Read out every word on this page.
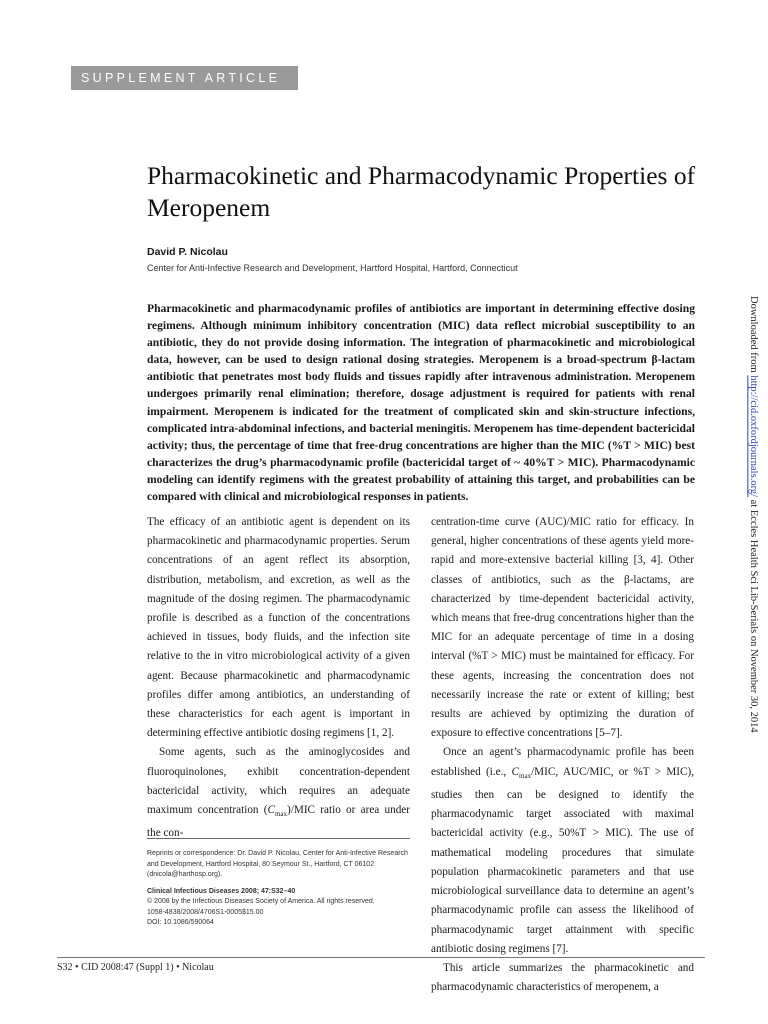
SUPPLEMENT ARTICLE
Pharmacokinetic and Pharmacodynamic Properties of Meropenem
David P. Nicolau
Center for Anti-Infective Research and Development, Hartford Hospital, Hartford, Connecticut

Pharmacokinetic and pharmacodynamic profiles of antibiotics are important in determining effective dosing regimens. Although minimum inhibitory concentration (MIC) data reflect microbial susceptibility to an antibiotic, they do not provide dosing information. The integration of pharmacokinetic and microbiological data, however, can be used to design rational dosing strategies. Meropenem is a broad-spectrum β-lactam antibiotic that penetrates most body fluids and tissues rapidly after intravenous administration. Meropenem undergoes primarily renal elimination; therefore, dosage adjustment is required for patients with renal impairment. Meropenem is indicated for the treatment of complicated skin and skin-structure infections, complicated intra-abdominal infections, and bacterial meningitis. Meropenem has time-dependent bactericidal activity; thus, the percentage of time that free-drug concentrations are higher than the MIC (%T > MIC) best characterizes the drug’s pharmacodynamic profile (bactericidal target of ~ 40%T > MIC). Pharmacodynamic modeling can identify regimens with the greatest probability of attaining this target, and probabilities can be compared with clinical and microbiological responses in patients.

The efficacy of an antibiotic agent is dependent on its pharmacokinetic and pharmacodynamic properties. Serum concentrations of an agent reflect its absorption, distribution, metabolism, and excretion, as well as the magnitude of the dosing regimen. The pharmacodynamic profile is described as a function of the concentrations achieved in tissues, body fluids, and the infection site relative to the in vitro microbiological activity of a given agent. Because pharmacokinetic and pharmacodynamic profiles differ among antibiotics, an understanding of these characteristics for each agent is important in determining effective antibiotic dosing regimens [1, 2].

Some agents, such as the aminoglycosides and fluoroquinolones, exhibit concentration-dependent bactericidal activity, which requires an adequate maximum concentration $(C_{max})$/MIC ratio or area under the con-

centration-time curve (AUC)/MIC ratio for efficacy. In general, higher concentrations of these agents yield more-rapid and more-extensive bacterial killing [3, 4]. Other classes of antibiotics, such as the β-lactams, are characterized by time-dependent bactericidal activity, which means that free-drug concentrations higher than the MIC for an adequate percentage of time in a dosing interval (%T > MIC) must be maintained for efficacy. For these agents, increasing the concentration does not necessarily increase the rate or extent of killing; best results are achieved by optimizing the duration of exposure to effective concentrations [5–7].

Once an agent’s pharmacodynamic profile has been established (i.e., $C_{max}$/MIC, AUC/MIC, or %T > MIC), studies then can be designed to identify the pharmacodynamic target associated with maximal bactericidal activity (e.g., 50%T > MIC). The use of mathematical modeling procedures that simulate population pharmacokinetic parameters and that use microbiological surveillance data to determine an agent’s pharmacodynamic profile can assess the likelihood of pharmacodynamic target attainment with specific antibiotic dosing regimens [7].

This article summarizes the pharmacokinetic and pharmacodynamic characteristics of meropenem, a

Reprints or correspondence: Dr. David P. Nicolau, Center for Anti-Infective Research and Development, Hartford Hospital, 80 Seymour St., Hartford, CT 06102 (dnicola@harthosp.org).

Clinical Infectious Diseases 2008; 47:S32–40

© 2008 by the Infectious Diseases Society of America. All rights reserved.

1058-4838/2008/4706S1-0005$15.00

DOI: 10.1086/590064

S32 • CID 2008:47 (Suppl 1) • Nicolau
Downloaded from http://cid.oxfordjournals.org/ at Eccles Health Sci Lib-Serials on November 30, 2014
